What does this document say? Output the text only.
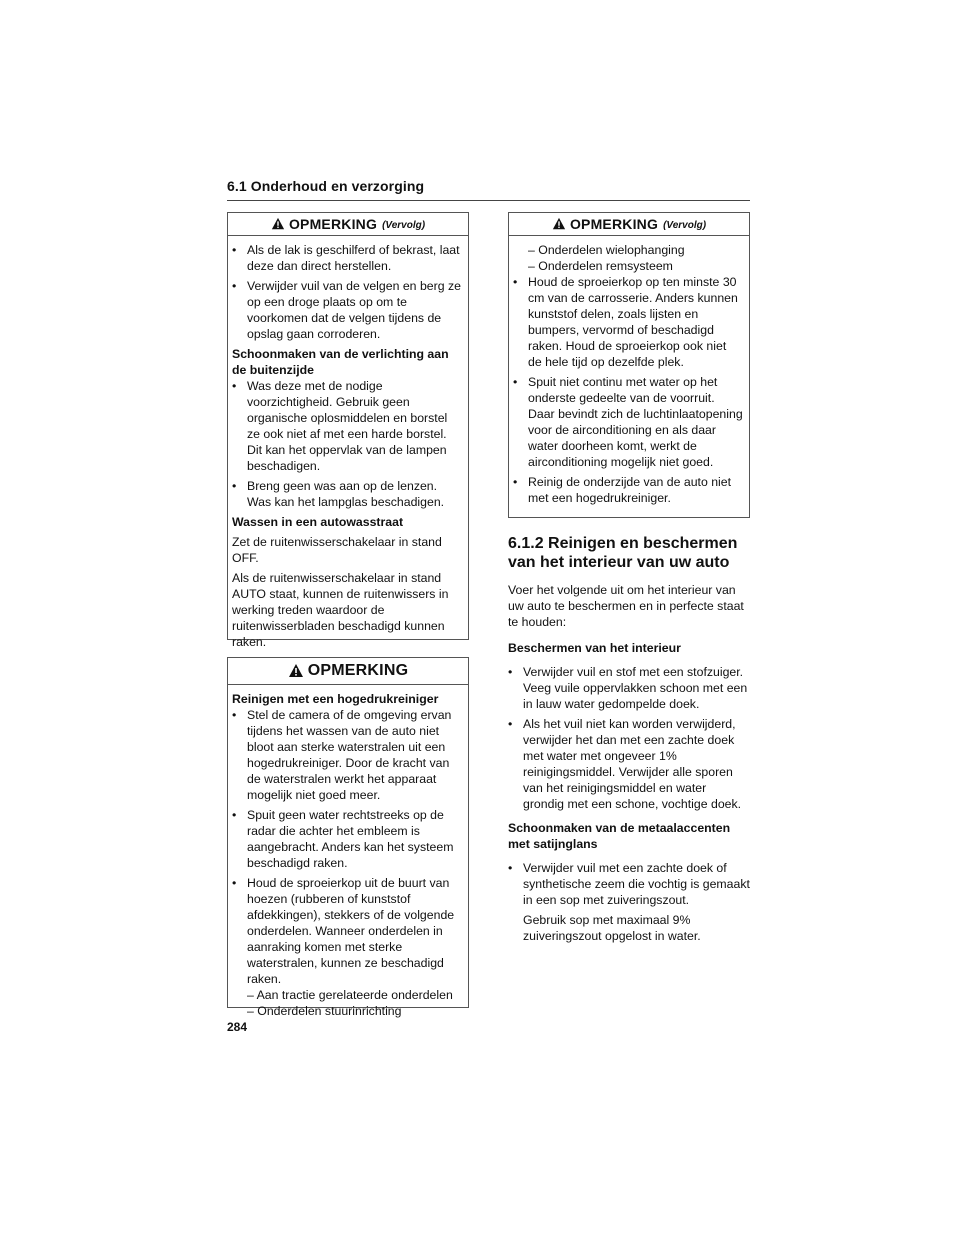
6.1 Onderhoud en verzorging
OPMERKING (Vervolg)
• Als de lak is geschilferd of bekrast, laat deze dan direct herstellen.
• Verwijder vuil van de velgen en berg ze op een droge plaats op om te voorkomen dat de velgen tijdens de opslag gaan corroderen.

Schoonmaken van de verlichting aan de buitenzijde

• Was deze met de nodige voorzichtigheid. Gebruik geen organische oplosmiddelen en borstel ze ook niet af met een harde borstel. Dit kan het oppervlak van de lampen beschadigen.
• Breng geen was aan op de lenzen. Was kan het lampglas beschadigen.

Wassen in een autowasstraat

Zet de ruitenwisserschakelaar in stand OFF.

Als de ruitenwisserschakelaar in stand AUTO staat, kunnen de ruitenwissers in werking treden waardoor de ruitenwisserbladen beschadigd kunnen raken.

OPMERKING

Reinigen met een hogedrukreiniger

• Stel de camera of de omgeving ervan tijdens het wassen van de auto niet bloot aan sterke waterstralen uit een hogedrukreiniger. Door de kracht van de waterstralen werkt het apparaat mogelijk niet goed meer.
• Spuit geen water rechtstreeks op de radar die achter het embleem is aangebracht. Anders kan het systeem beschadigd raken.
• Houd de sproeierkop uit de buurt van hoezen (rubberen of kunststof afdekkingen), stekkers of de volgende onderdelen. Wanneer onderdelen in aanraking komen met sterke waterstralen, kunnen ze beschadigd raken.
– Aan tractie gerelateerde onderdelen
– Onderdelen stuurinrichting
OPMERKING (Vervolg)
– Onderdelen wielophanging
– Onderdelen remsysteem
• Houd de sproeierkop op ten minste 30 cm van de carrosserie. Anders kunnen kunststof delen, zoals lijsten en bumpers, vervormd of beschadigd raken. Houd de sproeierkop ook niet de hele tijd op dezelfde plek.
• Spuit niet continu met water op het onderste gedeelte van de voorruit. Daar bevindt zich de luchtinlaatopening voor de airconditioning en als daar water doorheen komt, werkt de airconditioning mogelijk niet goed.
• Reinig de onderzijde van de auto niet met een hogedrukreiniger.
6.1.2 Reinigen en beschermen van het interieur van uw auto

Voer het volgende uit om het interieur van uw auto te beschermen en in perfecte staat te houden:

Beschermen van het interieur

• Verwijder vuil en stof met een stofzuiger. Veeg vuile oppervlakken schoon met een in lauw water gedompelde doek.
• Als het vuil niet kan worden verwijderd, verwijder het dan met een zachte doek met water met ongeveer 1% reinigingsmiddel. Verwijder alle sporen van het reinigingsmiddel en water grondig met een schone, vochtige doek.

Schoonmaken van de metaalaccenten met satijnglans

• Verwijder vuil met een zachte doek of synthetische zeem die vochtig is gemaakt in een sop met zuiveringszout.

Gebruik sop met maximaal 9% zuiveringszout opgelost in water.

284
